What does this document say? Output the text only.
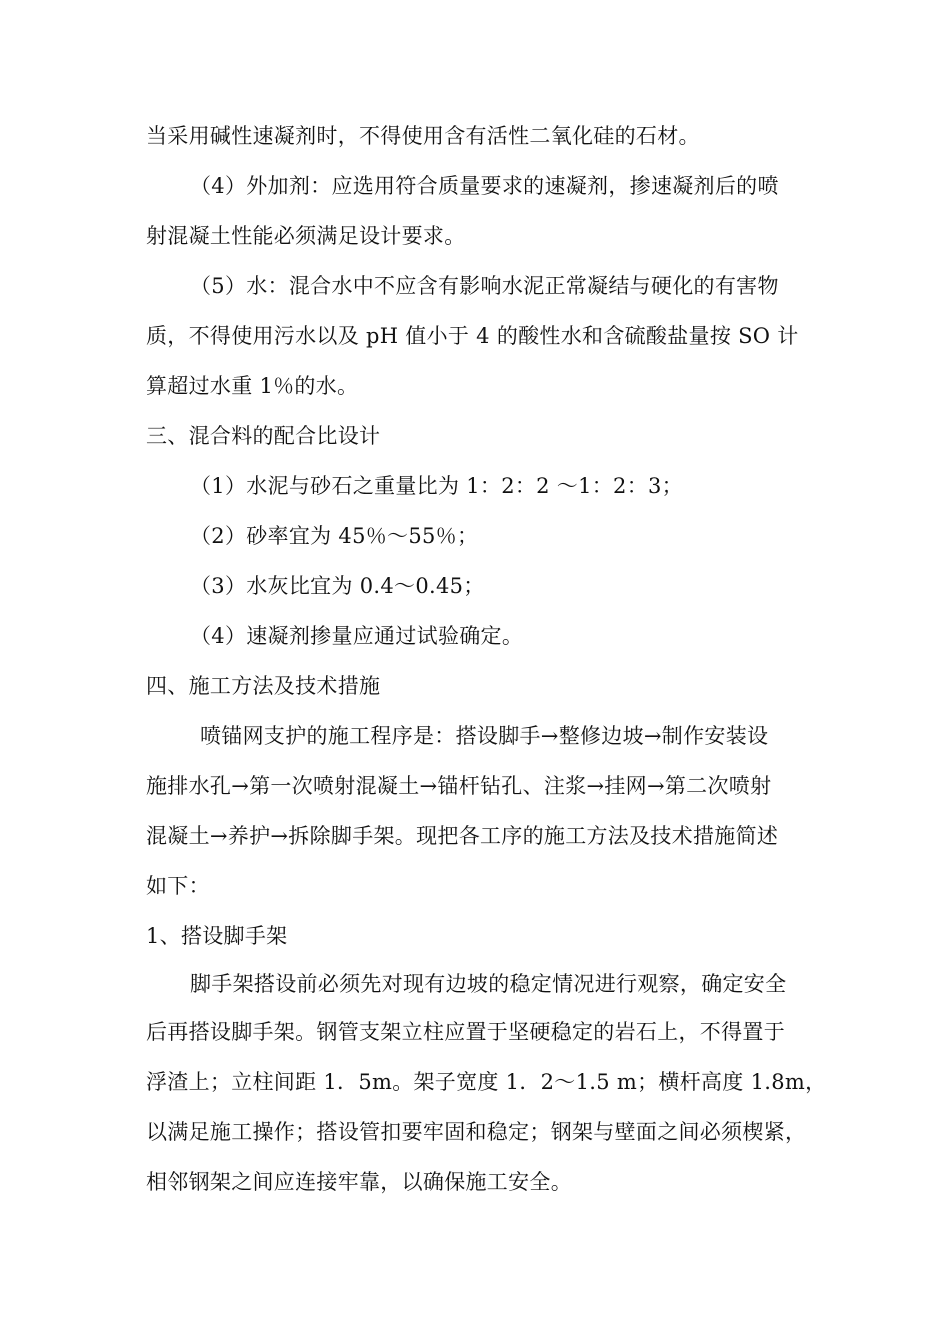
当采用碱性速凝剂时，不得使用含有活性二氧化硅的石材。
（4）外加剂：应选用符合质量要求的速凝剂，掺速凝剂后的喷
射混凝土性能必须满足设计要求。
（5）水：混合水中不应含有影响水泥正常凝结与硬化的有害物
质，不得使用污水以及 pH 值小于 4 的酸性水和含硫酸盐量按 SO 计
算超过水重 1％的水。
三、混合料的配合比设计
（1）水泥与砂石之重量比为 1：2：2 ～1：2：3；
（2）砂率宜为 45％～55％；
（3）水灰比宜为 0.4～0.45；
（4）速凝剂掺量应通过试验确定。
四、施工方法及技术措施
喷锚网支护的施工程序是：搭设脚手→整修边坡→制作安装设
施排水孔→第一次喷射混凝土→锚杆钻孔、注浆→挂网→第二次喷射
混凝土→养护→拆除脚手架。现把各工序的施工方法及技术措施简述
如下：
1、搭设脚手架
脚手架搭设前必须先对现有边坡的稳定情况进行观察，确定安全
后再搭设脚手架。钢管支架立柱应置于坚硬稳定的岩石上，不得置于
浮渣上；立柱间距 1．5m。架子宽度 1．2～1.5 m；横杆高度 1.8m，
以满足施工操作；搭设管扣要牢固和稳定；钢架与壁面之间必须楔紧，
相邻钢架之间应连接牢靠，以确保施工安全。
